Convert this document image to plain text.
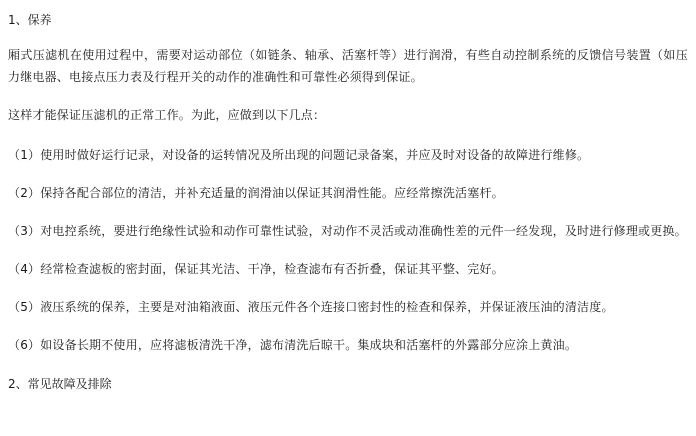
1、保养
厢式压滤机在使用过程中，需要对运动部位（如链条、轴承、活塞杆等）进行润滑，有些自动控制系统的反馈信号装置（如压力继电器、电接点压力表及行程开关的动作的准确性和可靠性必须得到保证。
这样才能保证压滤机的正常工作。为此，应做到以下几点：
（1）使用时做好运行记录，对设备的运转情况及所出现的问题记录备案，并应及时对设备的故障进行维修。
（2）保持各配合部位的清洁，并补充适量的润滑油以保证其润滑性能。应经常擦洗活塞杆。
（3）对电控系统，要进行绝缘性试验和动作可靠性试验，对动作不灵活或动准确性差的元件一经发现，及时进行修理或更换。
（4）经常检查滤板的密封面，保证其光洁、干净，检查滤布有否折叠，保证其平整、完好。
（5）液压系统的保养，主要是对油箱液面、液压元件各个连接口密封性的检查和保养，并保证液压油的清洁度。
（6）如设备长期不使用，应将滤板清洗干净，滤布清洗后晾干。集成块和活塞杆的外露部分应涂上黄油。
2、常见故障及排除
